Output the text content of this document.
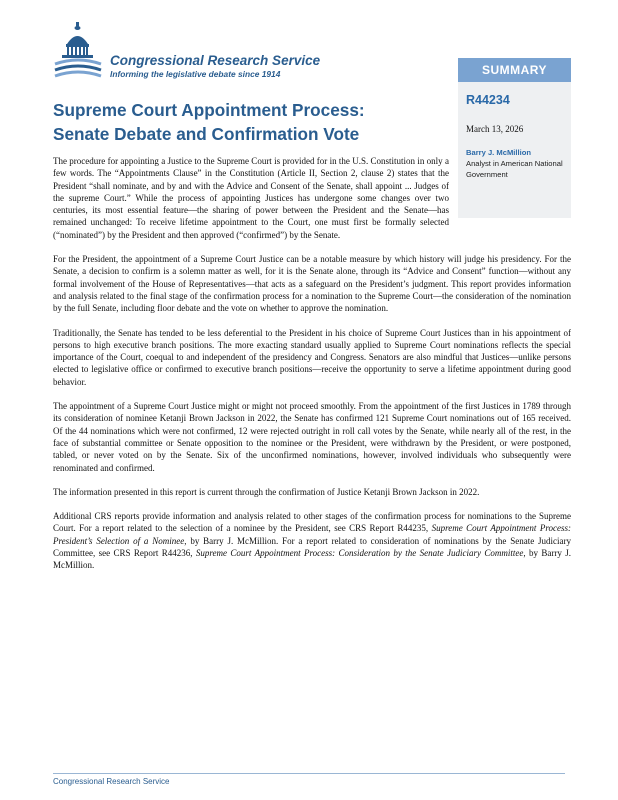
Congressional Research Service
Informing the legislative debate since 1914	SUMMARY
R44234
March 13, 2026
Barry J. McMillion
Analyst in American National Government
Supreme Court Appointment Process:
Senate Debate and Confirmation Vote

The procedure for appointing a Justice to the Supreme Court is provided for in the U.S. Constitution in only a few words. The “Appointments Clause” in the Constitution (Article II, Section 2, clause 2) states that the President “shall nominate, and by and with the Advice and Consent of the Senate, shall appoint ... Judges of the supreme Court.” While the process of appointing Justices has undergone some changes over two centuries, its most essential feature—the sharing of power between the President and the Senate—has remained unchanged: To receive lifetime appointment to the Court, one must first be formally selected (“nominated”) by the President and then approved (“confirmed”) by the Senate.

For the President, the appointment of a Supreme Court Justice can be a notable measure by which history will judge his presidency. For the Senate, a decision to confirm is a solemn matter as well, for it is the Senate alone, through its “Advice and Consent” function—without any formal involvement of the House of Representatives—that acts as a safeguard on the President’s judgment. This report provides information and analysis related to the final stage of the confirmation process for a nomination to the Supreme Court—the consideration of the nomination by the full Senate, including floor debate and the vote on whether to approve the nomination.

Traditionally, the Senate has tended to be less deferential to the President in his choice of Supreme Court Justices than in his appointment of persons to high executive branch positions. The more exacting standard usually applied to Supreme Court nominations reflects the special importance of the Court, coequal to and independent of the presidency and Congress. Senators are also mindful that Justices—unlike persons elected to legislative office or confirmed to executive branch positions—receive the opportunity to serve a lifetime appointment during good behavior.

The appointment of a Supreme Court Justice might or might not proceed smoothly. From the appointment of the first Justices in 1789 through its consideration of nominee Ketanji Brown Jackson in 2022, the Senate has confirmed 121 Supreme Court nominations out of 165 received. Of the 44 nominations which were not confirmed, 12 were rejected outright in roll call votes by the Senate, while nearly all of the rest, in the face of substantial committee or Senate opposition to the nominee or the President, were withdrawn by the President, or were postponed, tabled, or never voted on by the Senate. Six of the unconfirmed nominations, however, involved individuals who subsequently were renominated and confirmed.

The information presented in this report is current through the confirmation of Justice Ketanji Brown Jackson in 2022.

Additional CRS reports provide information and analysis related to other stages of the confirmation process for nominations to the Supreme Court. For a report related to the selection of a nominee by the President, see CRS Report R44235, Supreme Court Appointment Process: President’s Selection of a Nominee, by Barry J. McMillion. For a report related to consideration of nominations by the Senate Judiciary Committee, see CRS Report R44236, Supreme Court Appointment Process: Consideration by the Senate Judiciary Committee, by Barry J. McMillion.

Congressional Research Service
